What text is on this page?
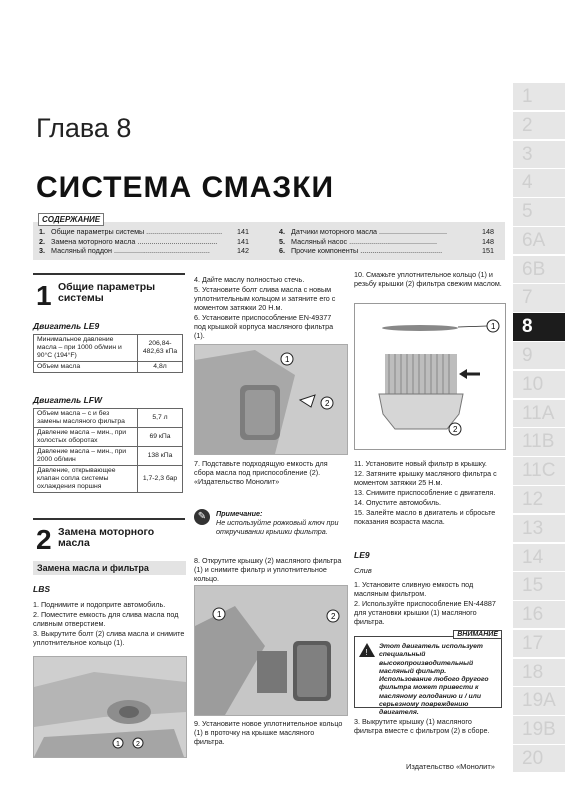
1
2
3
4
5
6A
6B
7
8
9
10
11A
11B
11C
12
13
14
15
16
17
18
19A
19B
20
Глава 8
СИСТЕМА СМАЗКИ
1. Общие параметры системы ...................................... 141
2. Замена моторного масла ........................................	141
3. Масляный поддон ................................................	142
4. Датчики моторного масла ..................................	148
5. Масляный насос ............................................	148
6. Прочие компоненты .........................................	151
СОДЕРЖАНИЕ
1 Общие параметры
системы
Двигатель LE9
Минимальное давление масла – при 1000 об/мин и 90°C (194°F)	206,84-482,63 кПа
Объем масла	4,8л
Двигатель LFW
Объем масла – с и без замены масляного фильтра	5,7 л
Давление масла – мин., при холостых оборотах	69 кПа
Давление масла – мин., при 2000 об/мин	138 кПа
Давление, открывающее клапан сопла системы охлаждения поршня	1,7-2,3 бар
2 Замена моторного
масла
Замена масла и фильтра
LBS

1. Поднимите и подоприте автомобиль.

2. Поместите емкость для слива масла под сливным отверстием.

3. Выкрутите болт (2) слива масла и снимите уплотнительное кольцо (1).

1 2

4. Дайте маслу полностью стечь.

5. Установите болт слива масла с новым уплотнительным кольцом и затяните его с моментом затяжки 20 Н.м.

6. Установите приспособление EN-49377 под крышкой корпуса масляного фильтра (1).

1
2

7. Подставьте подходящую емкость для сбора масла под приспособление (2). «Издательство Монолит»

✎	Примечание:
Не используйте рожковый ключ при откручивании крышки фильтра.

8. Открутите крышку (2) масляного фильтра (1) и снимите фильтр и уплотнительное кольцо.

1	2

9. Установите новое уплотнительное кольцо (1) в проточку на крышке масляного фильтра.

10. Смажьте уплотнительное кольцо (1) и резьбу крышки (2) фильтра свежим маслом.

1
2

11. Установите новый фильтр в крышку.

12. Затяните крышку масляного фильтра с моментом затяжки 25 Н.м.

13. Снимите приспособление с двигателя.

14. Опустите автомобиль.

15. Залейте масло в двигатель и сбросьте показания возраста масла.

LE9
Слив

1. Установите сливную емкость под масляным фильтром.

2. Используйте приспособление EN-44887 для установки крышки (1) масляного фильтра.

ВНИМАНИЕ
!
Этот двигатель использует специальный высокопроизводительный масляный фильтр. Использование любого другого фильтра может привести к масляному голоданию и / или серьезному повреждению двигателя.

3. Выкрутите крышку (1) масляного фильтра вместе с фильтром (2) в сборе.

Издательство «Монолит»
